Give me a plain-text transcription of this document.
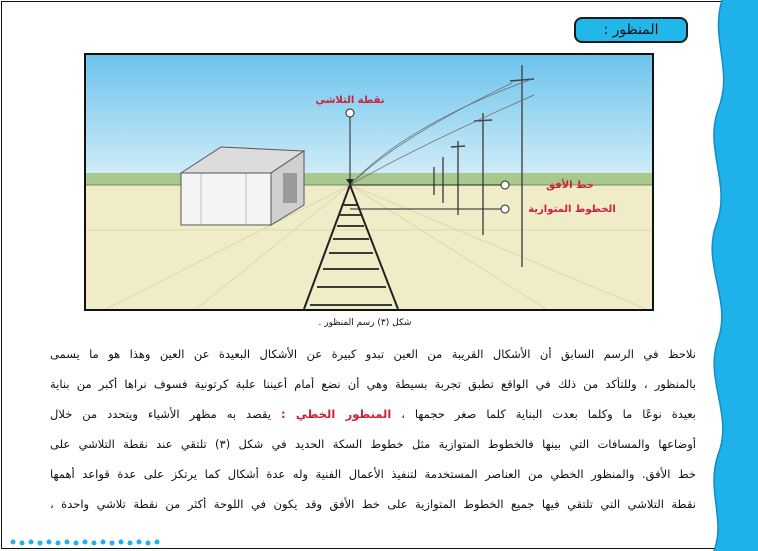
المنظور :
نقطة التلاشي
خط الأفق
الخطوط المتوازية
شكل (٣) رسم المنظور .
نلاحظ في الرسم السابق أن الأشكال القريبة من العين تبدو كبيرة عن الأشكال البعيدة عن العين وهذا هو ما يسمى
بالمنظور ، وللتأكد من ذلك في الواقع تطبق تجربة بسيطة وهي أن نضع أمام أعيننا علبة كرتونية فسوف نراها أكبر من بناية
بعيدة نوعًا ما وكلما بعدت البناية كلما صغر حجمها ، المنظور الخطي : يقصد به مظهر الأشياء ويتحدد من خلال
أوضاعها والمسافات التي بينها فالخطوط المتوازية مثل خطوط السكة الحديد في شكل (٣) تلتقي عند نقطة التلاشي على
خط الأفق. والمنظور الخطي من العناصر المستخدمة لتنفيذ الأعمال الفنية وله عدة أشكال كما يرتكز على عدة قواعد أهمها
نقطة التلاشي التي تلتقي فيها جميع الخطوط المتوازية على خط الأفق وقد يكون في اللوحة أكثر من نقطة تلاشي واحدة ،
